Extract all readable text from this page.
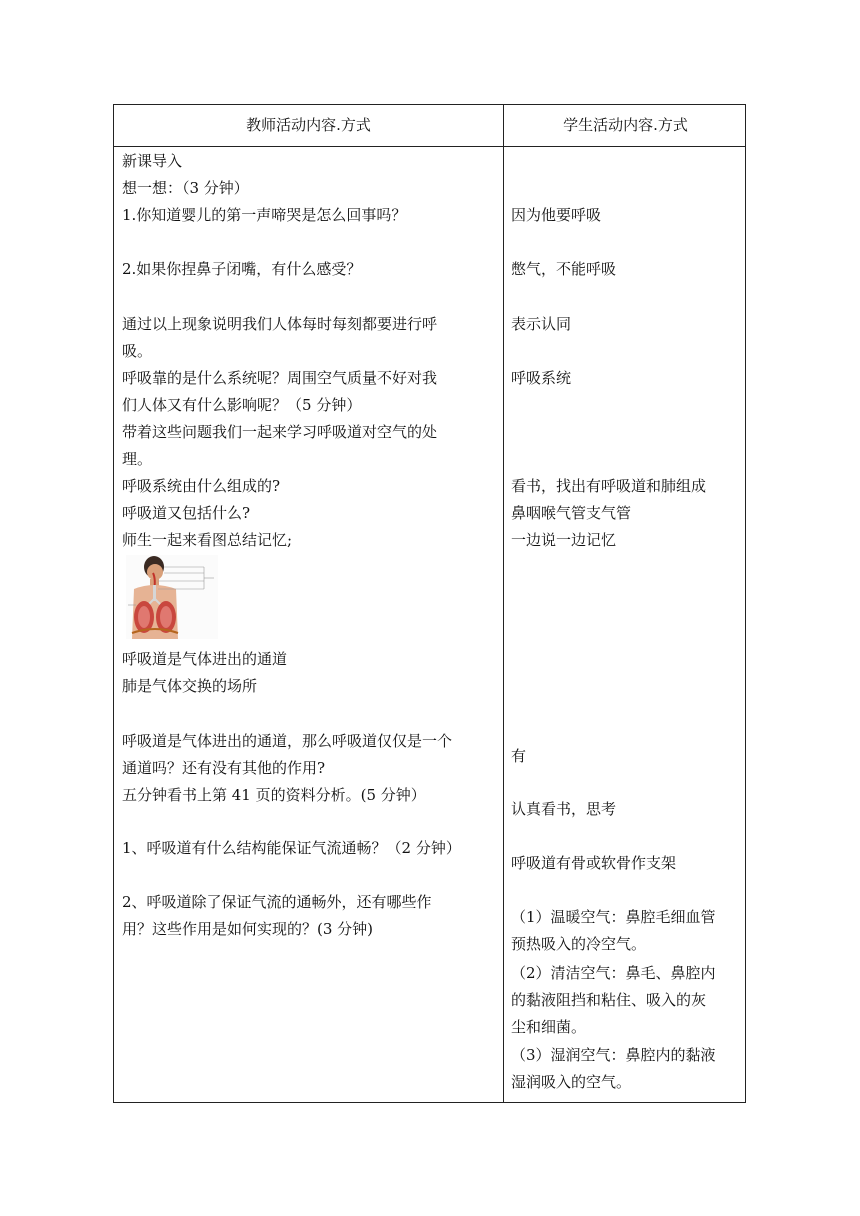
教师活动内容.方式	学生活动内容.方式
新课导入
想一想：（3 分钟）
1.你知道婴儿的第一声啼哭是怎么回事吗？
2.如果你捏鼻子闭嘴，有什么感受？
通过以上现象说明我们人体每时每刻都要进行呼
吸。
呼吸靠的是什么系统呢？周围空气质量不好对我
们人体又有什么影响呢？（5 分钟）
带着这些问题我们一起来学习呼吸道对空气的处
理。
呼吸系统由什么组成的?
呼吸道又包括什么?
师生一起来看图总结记忆;
呼吸道是气体进出的通道
肺是气体交换的场所
呼吸道是气体进出的通道，那么呼吸道仅仅是一个
通道吗？还有没有其他的作用?
五分钟看书上第 41 页的资料分析。(5 分钟）
1、呼吸道有什么结构能保证气流通畅？（2 分钟）
2、呼吸道除了保证气流的通畅外，还有哪些作
用？这些作用是如何实现的？(3 分钟)
因为他要呼吸
憋气，不能呼吸
表示认同
呼吸系统
看书，找出有呼吸道和肺组成
鼻咽喉气管支气管
一边说一边记忆
有
认真看书，思考
呼吸道有骨或软骨作支架
（1）温暖空气：鼻腔毛细血管
预热吸入的冷空气。
（2）清洁空气：鼻毛、鼻腔内
的黏液阻挡和粘住、吸入的灰
尘和细菌。
（3）湿润空气：鼻腔内的黏液
湿润吸入的空气。
